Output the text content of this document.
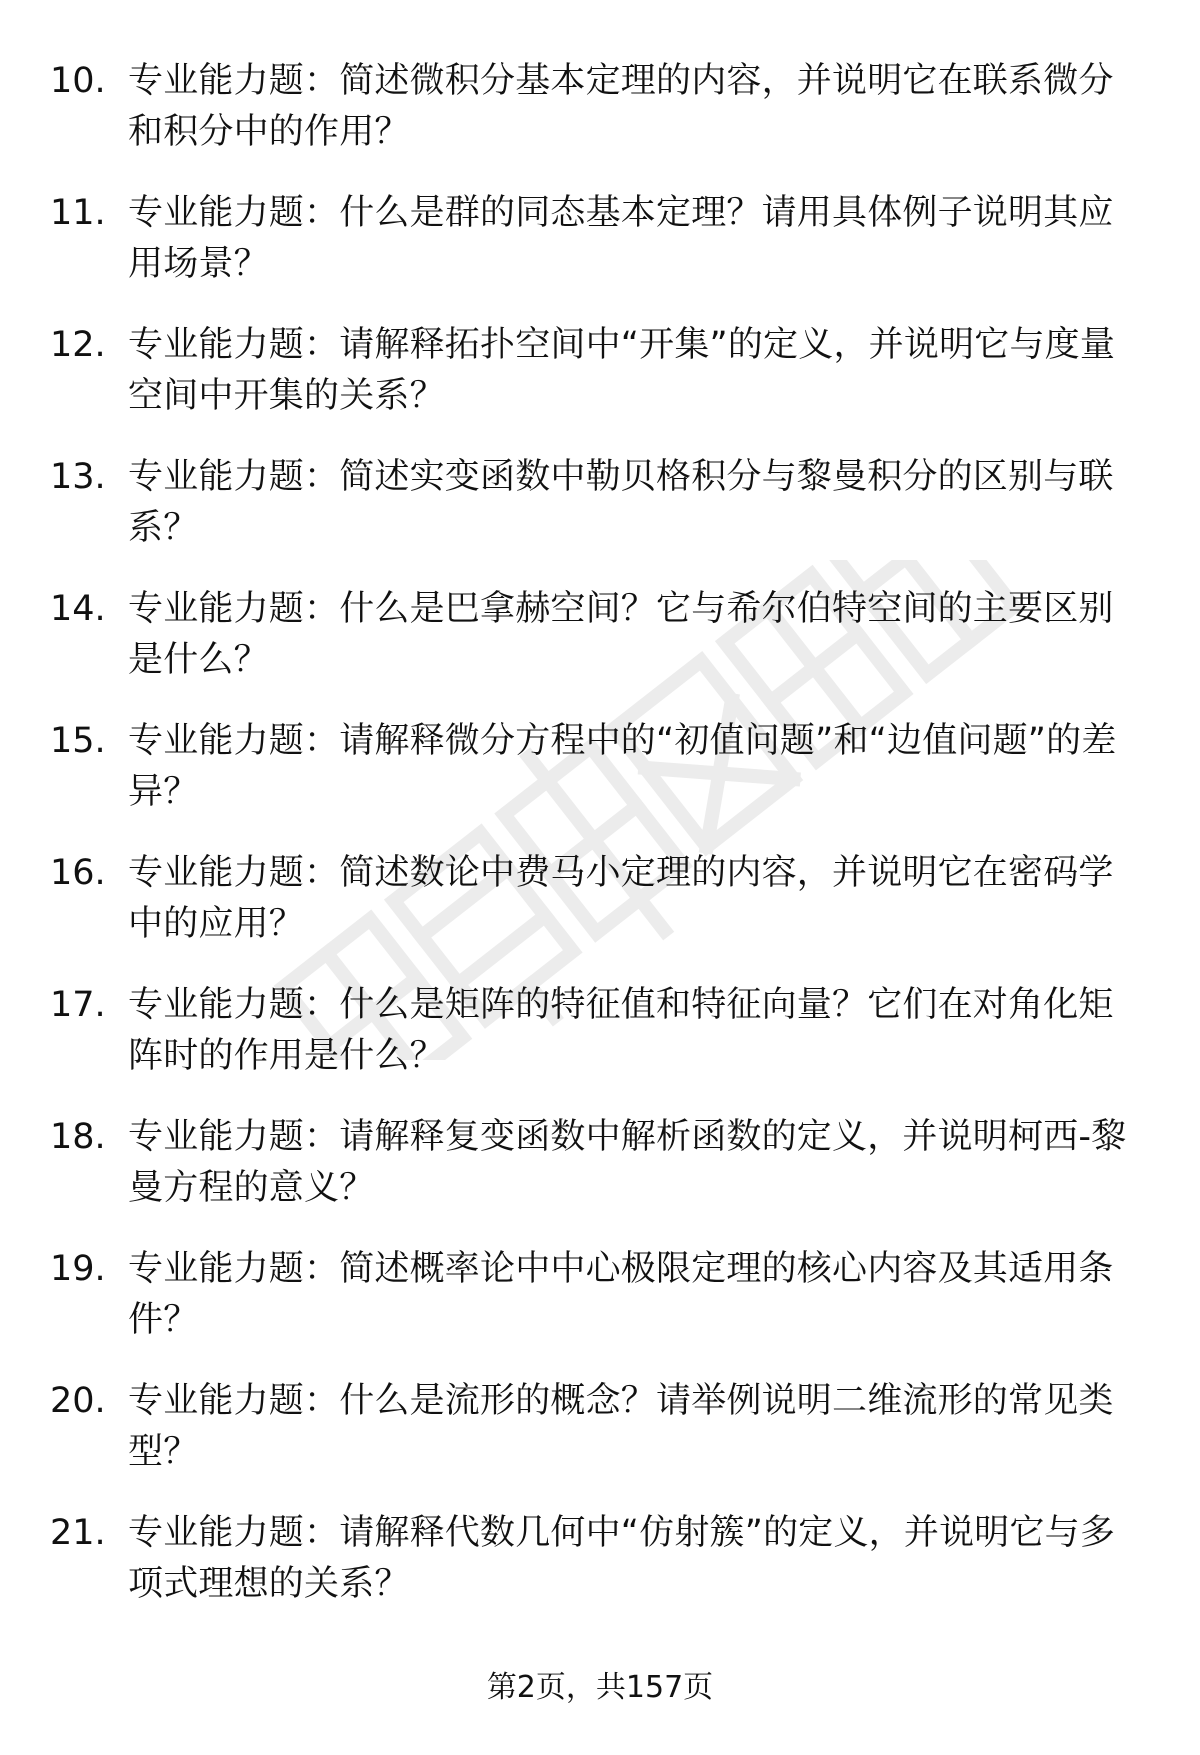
10. 专业能力题：简述微积分基本定理的内容，并说明它在联系微分和积分中的作用？
11. 专业能力题：什么是群的同态基本定理？请用具体例子说明其应用场景？
12. 专业能力题：请解释拓扑空间中“开集”的定义，并说明它与度量空间中开集的关系？
13. 专业能力题：简述实变函数中勒贝格积分与黎曼积分的区别与联系？
14. 专业能力题：什么是巴拿赫空间？它与希尔伯特空间的主要区别是什么？
15. 专业能力题：请解释微分方程中的“初值问题”和“边值问题”的差异？
16. 专业能力题：简述数论中费马小定理的内容，并说明它在密码学中的应用？
17. 专业能力题：什么是矩阵的特征值和特征向量？它们在对角化矩阵时的作用是什么？
18. 专业能力题：请解释复变函数中解析函数的定义，并说明柯西-黎曼方程的意义？
19. 专业能力题：简述概率论中中心极限定理的核心内容及其适用条件？
20. 专业能力题：什么是流形的概念？请举例说明二维流形的常见类型？
21. 专业能力题：请解释代数几何中“仿射簇”的定义，并说明它与多项式理想的关系？
第2页，共157页
